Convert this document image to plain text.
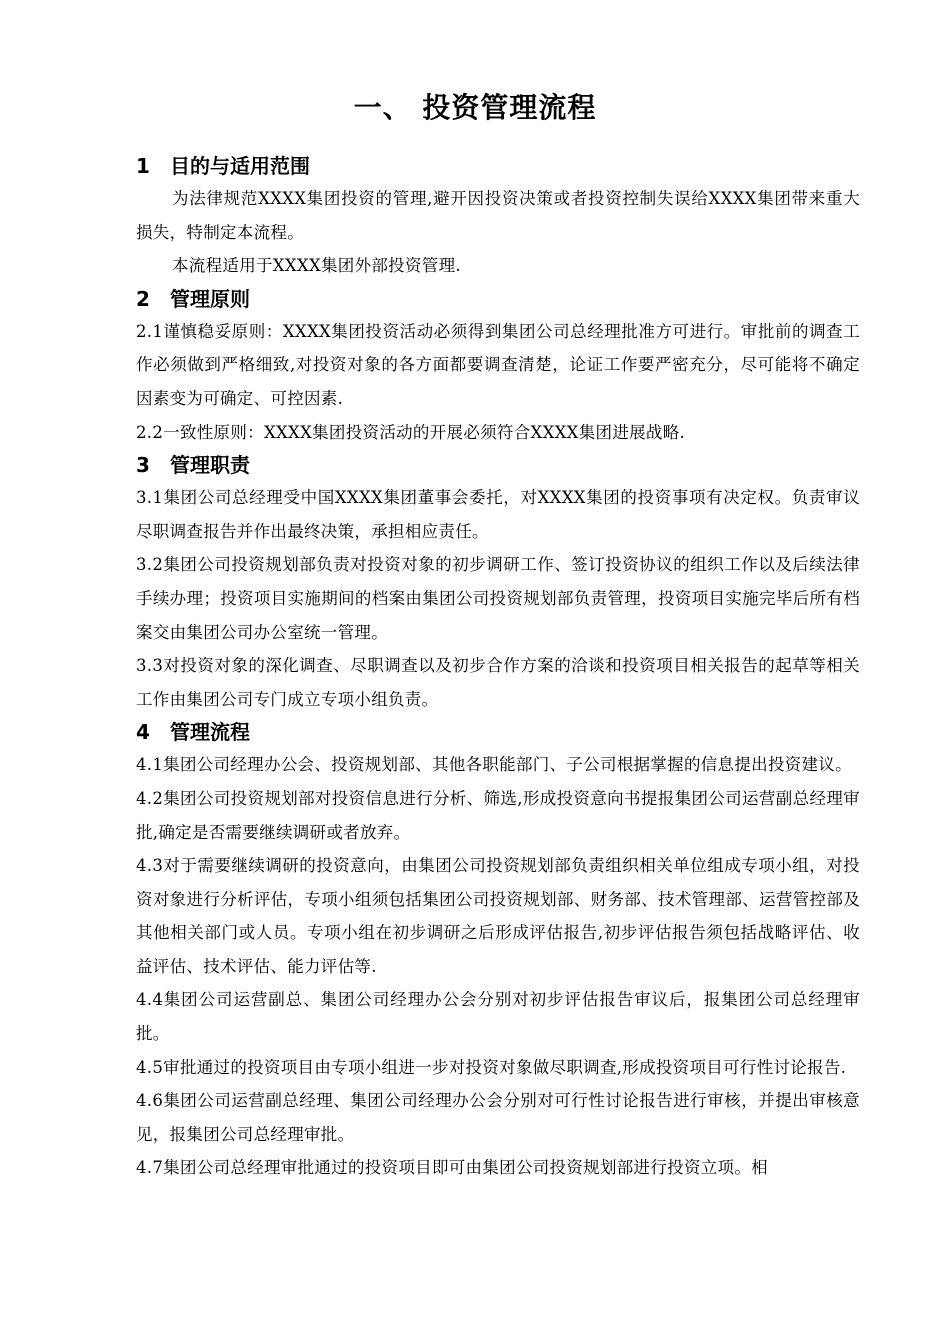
一、 投资管理流程
1	目的与适用范围

为法律规范XXXX集团投资的管理,避开因投资决策或者投资控制失误给XXXX集团带来重大损失，特制定本流程。

本流程适用于XXXX集团外部投资管理.

2	管理原则

2.1谨慎稳妥原则：XXXX集团投资活动必须得到集团公司总经理批准方可进行。审批前的调查工作必须做到严格细致,对投资对象的各方面都要调查清楚，论证工作要严密充分，尽可能将不确定因素变为可确定、可控因素.

2.2一致性原则：XXXX集团投资活动的开展必须符合XXXX集团进展战略.

3	管理职责

3.1集团公司总经理受中国XXXX集团董事会委托，对XXXX集团的投资事项有决定权。负责审议尽职调查报告并作出最终决策，承担相应责任。

3.2集团公司投资规划部负责对投资对象的初步调研工作、签订投资协议的组织工作以及后续法律手续办理；投资项目实施期间的档案由集团公司投资规划部负责管理，投资项目实施完毕后所有档案交由集团公司办公室统一管理。

3.3对投资对象的深化调查、尽职调查以及初步合作方案的洽谈和投资项目相关报告的起草等相关工作由集团公司专门成立专项小组负责。

4	管理流程

4.1集团公司经理办公会、投资规划部、其他各职能部门、子公司根据掌握的信息提出投资建议。

4.2集团公司投资规划部对投资信息进行分析、筛选,形成投资意向书提报集团公司运营副总经理审批,确定是否需要继续调研或者放弃。

4.3对于需要继续调研的投资意向，由集团公司投资规划部负责组织相关单位组成专项小组，对投资对象进行分析评估，专项小组须包括集团公司投资规划部、财务部、技术管理部、运营管控部及其他相关部门或人员。专项小组在初步调研之后形成评估报告,初步评估报告须包括战略评估、收益评估、技术评估、能力评估等.

4.4集团公司运营副总、集团公司经理办公会分别对初步评估报告审议后，报集团公司总经理审批。

4.5审批通过的投资项目由专项小组进一步对投资对象做尽职调查,形成投资项目可行性讨论报告.

4.6集团公司运营副总经理、集团公司经理办公会分别对可行性讨论报告进行审核，并提出审核意见，报集团公司总经理审批。

4.7集团公司总经理审批通过的投资项目即可由集团公司投资规划部进行投资立项。相
